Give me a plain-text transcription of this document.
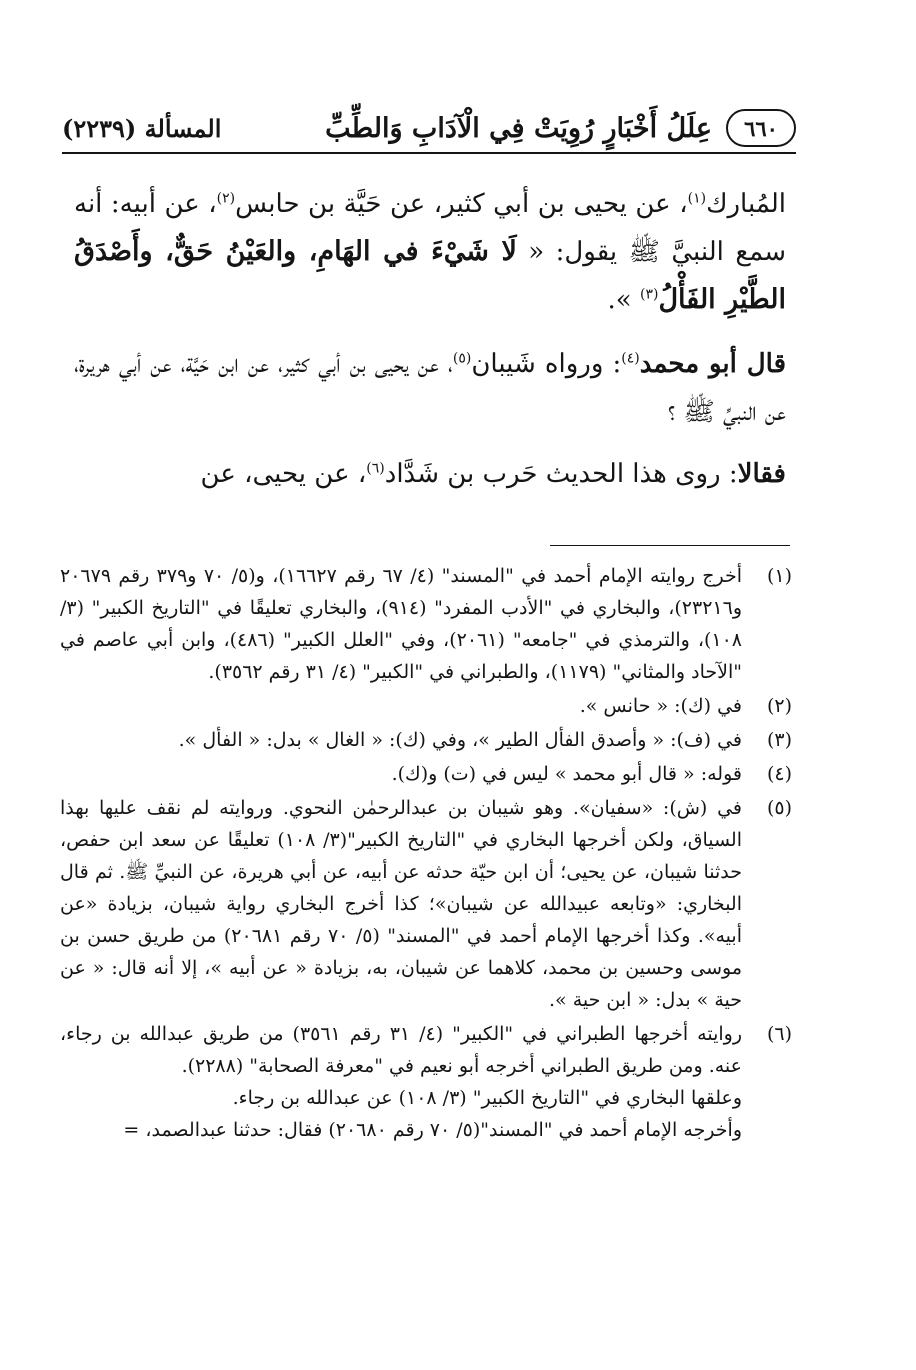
٦٦٠
عِلَلُ أَخْبَارٍ رُوِيَتْ فِي الْآدَابِ وَالطِّبِّ
المسألة (٢٢٣٩)

المُبارك$^{(١)}$، عن يحيى بن أبي كثير، عن حَيَّة بن حابس$^{(٢)}$، عن أبيه: أنه سمع النبيَّ ﷺ يقول: « لَا شَيْءَ في الهَامِ، والعَيْنُ حَقٌّ، وأَصْدَقُ الطَّيْرِ الفَأْلُ$^{(٣)}$ ».

قال أبو محمد$^{(٤)}$: ورواه شَيبان$^{(٥)}$، عن يحيى بن أبي كثير، عن ابن حَيَّة، عن أبي هريرة، عن النبيِّ ﷺ ؟

فقالا: روى هذا الحديث حَرب بن شَدَّاد$^{(٦)}$، عن يحيى، عن

(١)
أخرج روايته الإمام أحمد في "المسند" (٤/ ٦٧ رقم ١٦٦٢٧)، و(٥/ ٧٠ و٣٧٩ رقم ٢٠٦٧٩ و٢٣٢١٦)، والبخاري في "الأدب المفرد" (٩١٤)، والبخاري تعليقًا في "التاريخ الكبير" (٣/ ١٠٨)، والترمذي في "جامعه" (٢٠٦١)، وفي "العلل الكبير" (٤٨٦)، وابن أبي عاصم في "الآحاد والمثاني" (١١٧٩)، والطبراني في "الكبير" (٤/ ٣١ رقم ٣٥٦٢).
(٢)
في (ك): « حانس ».
(٣)
في (ف): « وأصدق الفأل الطير »، وفي (ك): « الغال » بدل: « الفأل ».
(٤)
قوله: « قال أبو محمد » ليس في (ت) و(ك).
(٥)
في (ش): «سفيان». وهو شيبان بن عبدالرحمٰن النحوي. وروايته لم نقف عليها بهذا السياق، ولكن أخرجها البخاري في "التاريخ الكبير"(٣/ ١٠٨) تعليقًا عن سعد ابن حفص، حدثنا شيبان، عن يحيى؛ أن ابن حيّة حدثه عن أبيه، عن أبي هريرة، عن النبيِّ ﷺ. ثم قال البخاري: «وتابعه عبيدالله عن شيبان»؛ كذا أخرج البخاري رواية شيبان، بزيادة «عن أبيه». وكذا أخرجها الإمام أحمد في "المسند" (٥/ ٧٠ رقم ٢٠٦٨١) من طريق حسن بن موسى وحسين بن محمد، كلاهما عن شيبان، به، بزيادة « عن أبيه »، إلا أنه قال: « عن حية » بدل: « ابن حية ».
(٦)
روايته أخرجها الطبراني في "الكبير" (٤/ ٣١ رقم ٣٥٦١) من طريق عبدالله بن رجاء، عنه. ومن طريق الطبراني أخرجه أبو نعيم في "معرفة الصحابة" (٢٢٨٨).
وعلقها البخاري في "التاريخ الكبير" (٣/ ١٠٨) عن عبدالله بن رجاء.
وأخرجه الإمام أحمد في "المسند"(٥/ ٧٠ رقم ٢٠٦٨٠) فقال: حدثنا عبدالصمد، =
